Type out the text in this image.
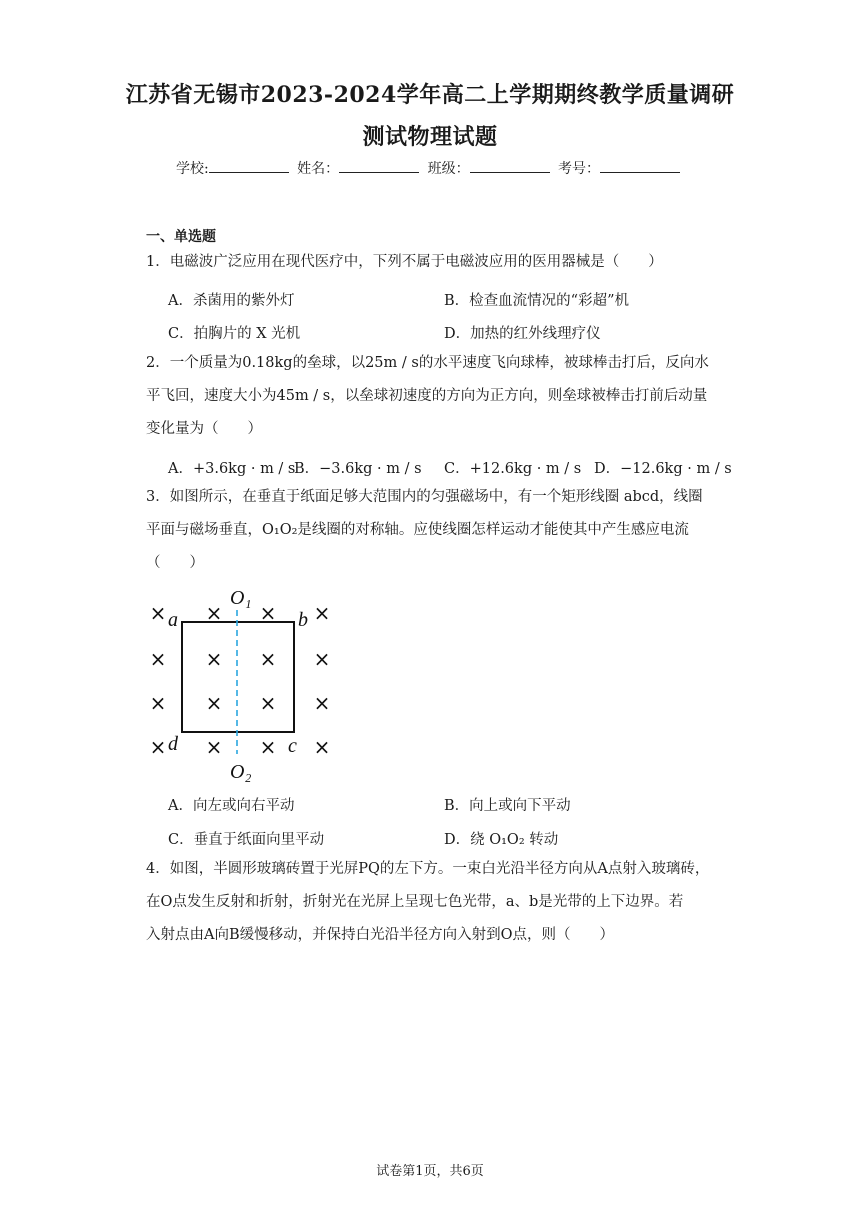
江苏省无锡市2023-2024学年高二上学期期终教学质量调研
测试物理试题
学校:	姓名：	班级：	考号：
一、单选题
1．电磁波广泛应用在现代医疗中，下列不属于电磁波应用的医用器械是（　　）
A．杀菌用的紫外灯	B．检查血流情况的“彩超”机
C．拍胸片的 X 光机	D．加热的红外线理疗仪
2．一个质量为0.18kg的垒球，以25m / s的水平速度飞向球棒，被球棒击打后，反向水
平飞回，速度大小为45m / s，以垒球初速度的方向为正方向，则垒球被棒击打前后动量
变化量为（　　）
A．+3.6kg · m / s
B．−3.6kg · m / s C．+12.6kg · m / s D．−12.6kg · m / s
3．如图所示，在垂直于纸面足够大范围内的匀强磁场中，有一个矩形线圈 abcd，线圈
平面与磁场垂直，O₁O₂是线圈的对称轴。应使线圈怎样运动才能使其中产生感应电流
（　　）
× × × ×
× × × ×
× × × ×
× × × ×
O₁
O₂
a	b
d	c
A．向左或向右平动	B．向上或向下平动
C．垂直于纸面向里平动	D．绕 O₁O₂ 转动
4．如图，半圆形玻璃砖置于光屏PQ的左下方。一束白光沿半径方向从A点射入玻璃砖，
在O点发生反射和折射，折射光在光屏上呈现七色光带，a、b是光带的上下边界。若
入射点由A向B缓慢移动，并保持白光沿半径方向入射到O点，则（　　）
试卷第1页，共6页
